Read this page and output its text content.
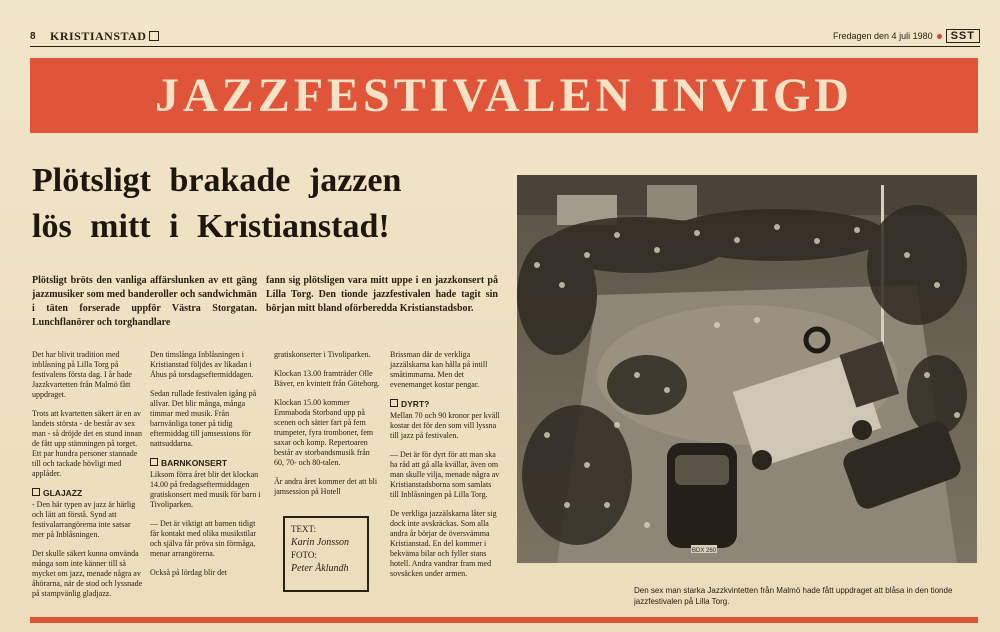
8	KRISTIANSTAD	Fredagen den 4 juli 1980	SST
JAZZFESTIVALEN INVIGD
Plötsligt brakade jazzen
lös mitt i Kristianstad!
Plötsligt bröts den vanliga affärslunken av ett gäng jazzmusiker som med banderoller och sandwichmän i täten forserade uppför Västra Storgatan. Lunchflanörer och torghandlare
fann sig plötsligen vara mitt uppe i en jazzkonsert på Lilla Torg. Den tionde jazzfestivalen hade tagit sin början mitt bland oförberedda Kristianstadsbor.

Det har blivit tradition med inblåsning på Lilla Torg på festivalens första dag. I år hade Jazzkvartetten från Malmö fått uppdraget.

Trots att kvartetten säkert är en av landets största - de består av sex man - så dröjde det en stund innan de fått upp stämningen på torget. Ett par hundra personer stannade till och tackade hövligt med applåder.

GLAJAZZ

- Den här typen av jazz är härlig och lätt att förstå. Synd att festivalarrangörerna inte satsar mer på Inblåsningen.

Det skulle säkert kunna omvända många som inte känner till så mycket om jazz, menade några av åhörarna, när de stod och lyssnade på stampvänlig gladjazz.

Den timslånga Inblåsningen i Kristianstad följdes av likadan i Åhus på torsdagseftermiddagen.

Sedan rullade festivalen igång på allvar. Det blir många, många timmar med musik. Från barnvänliga toner på tidig eftermiddag till jamsessions för nattsuddarna.

BARNKONSERT

Liksom förra året blir det klockan 14.00 på fredagseftermiddagen gratiskonsert med musik för barn i Tivoliparken.

— Det är viktigt att barnen tidigt får kontakt med olika musikstilar och själva får pröva sin förmåga, menar arrangörerna.

Också på lördag blir det

gratiskonserter i Tivoliparken.

Klockan 13.00 framträder Olle Bäver, en kvintett från Göteborg.

Klockan 15.00 kommer Emmaboda Storband upp på scenen och sätter fart på fem trumpeter, fyra tromboner, fem saxar och komp. Repertoaren består av storbandsmusik från 60, 70- och 80-talen.

Är andra året kommer det att bli jamsession på Hotell

TEXT:
Karin Jonsson
FOTO:
Peter Åklundh

Brissman där de verkliga jazzälskarna kan hålla på intill småtimmarna. Men det evenemanget kostar pengar.

DYRT?

Mellan 70 och 90 kronor per kväll kostar det för den som vill lyssna till jazz på festivalen.

— Det är för dyrt för att man ska ha råd att gå alla kvällar, även om man skulle vilja, menade några av Kristianstadsborna som samlats till Inblåsningen på Lilla Torg.

De verkliga jazzälskarna låter sig dock inte avskräckas. Som alla andra år börjar de översvämma Kristianstad. En del kommer i bekväma bilar och fyller stans hotell. Andra vandrar fram med sovsäcken under armen.

BDX 260
Den sex man starka Jazzkvintetten från Malmö hade fått uppdraget att blåsa in den tionde jazzfestivalen på Lilla Torg.
